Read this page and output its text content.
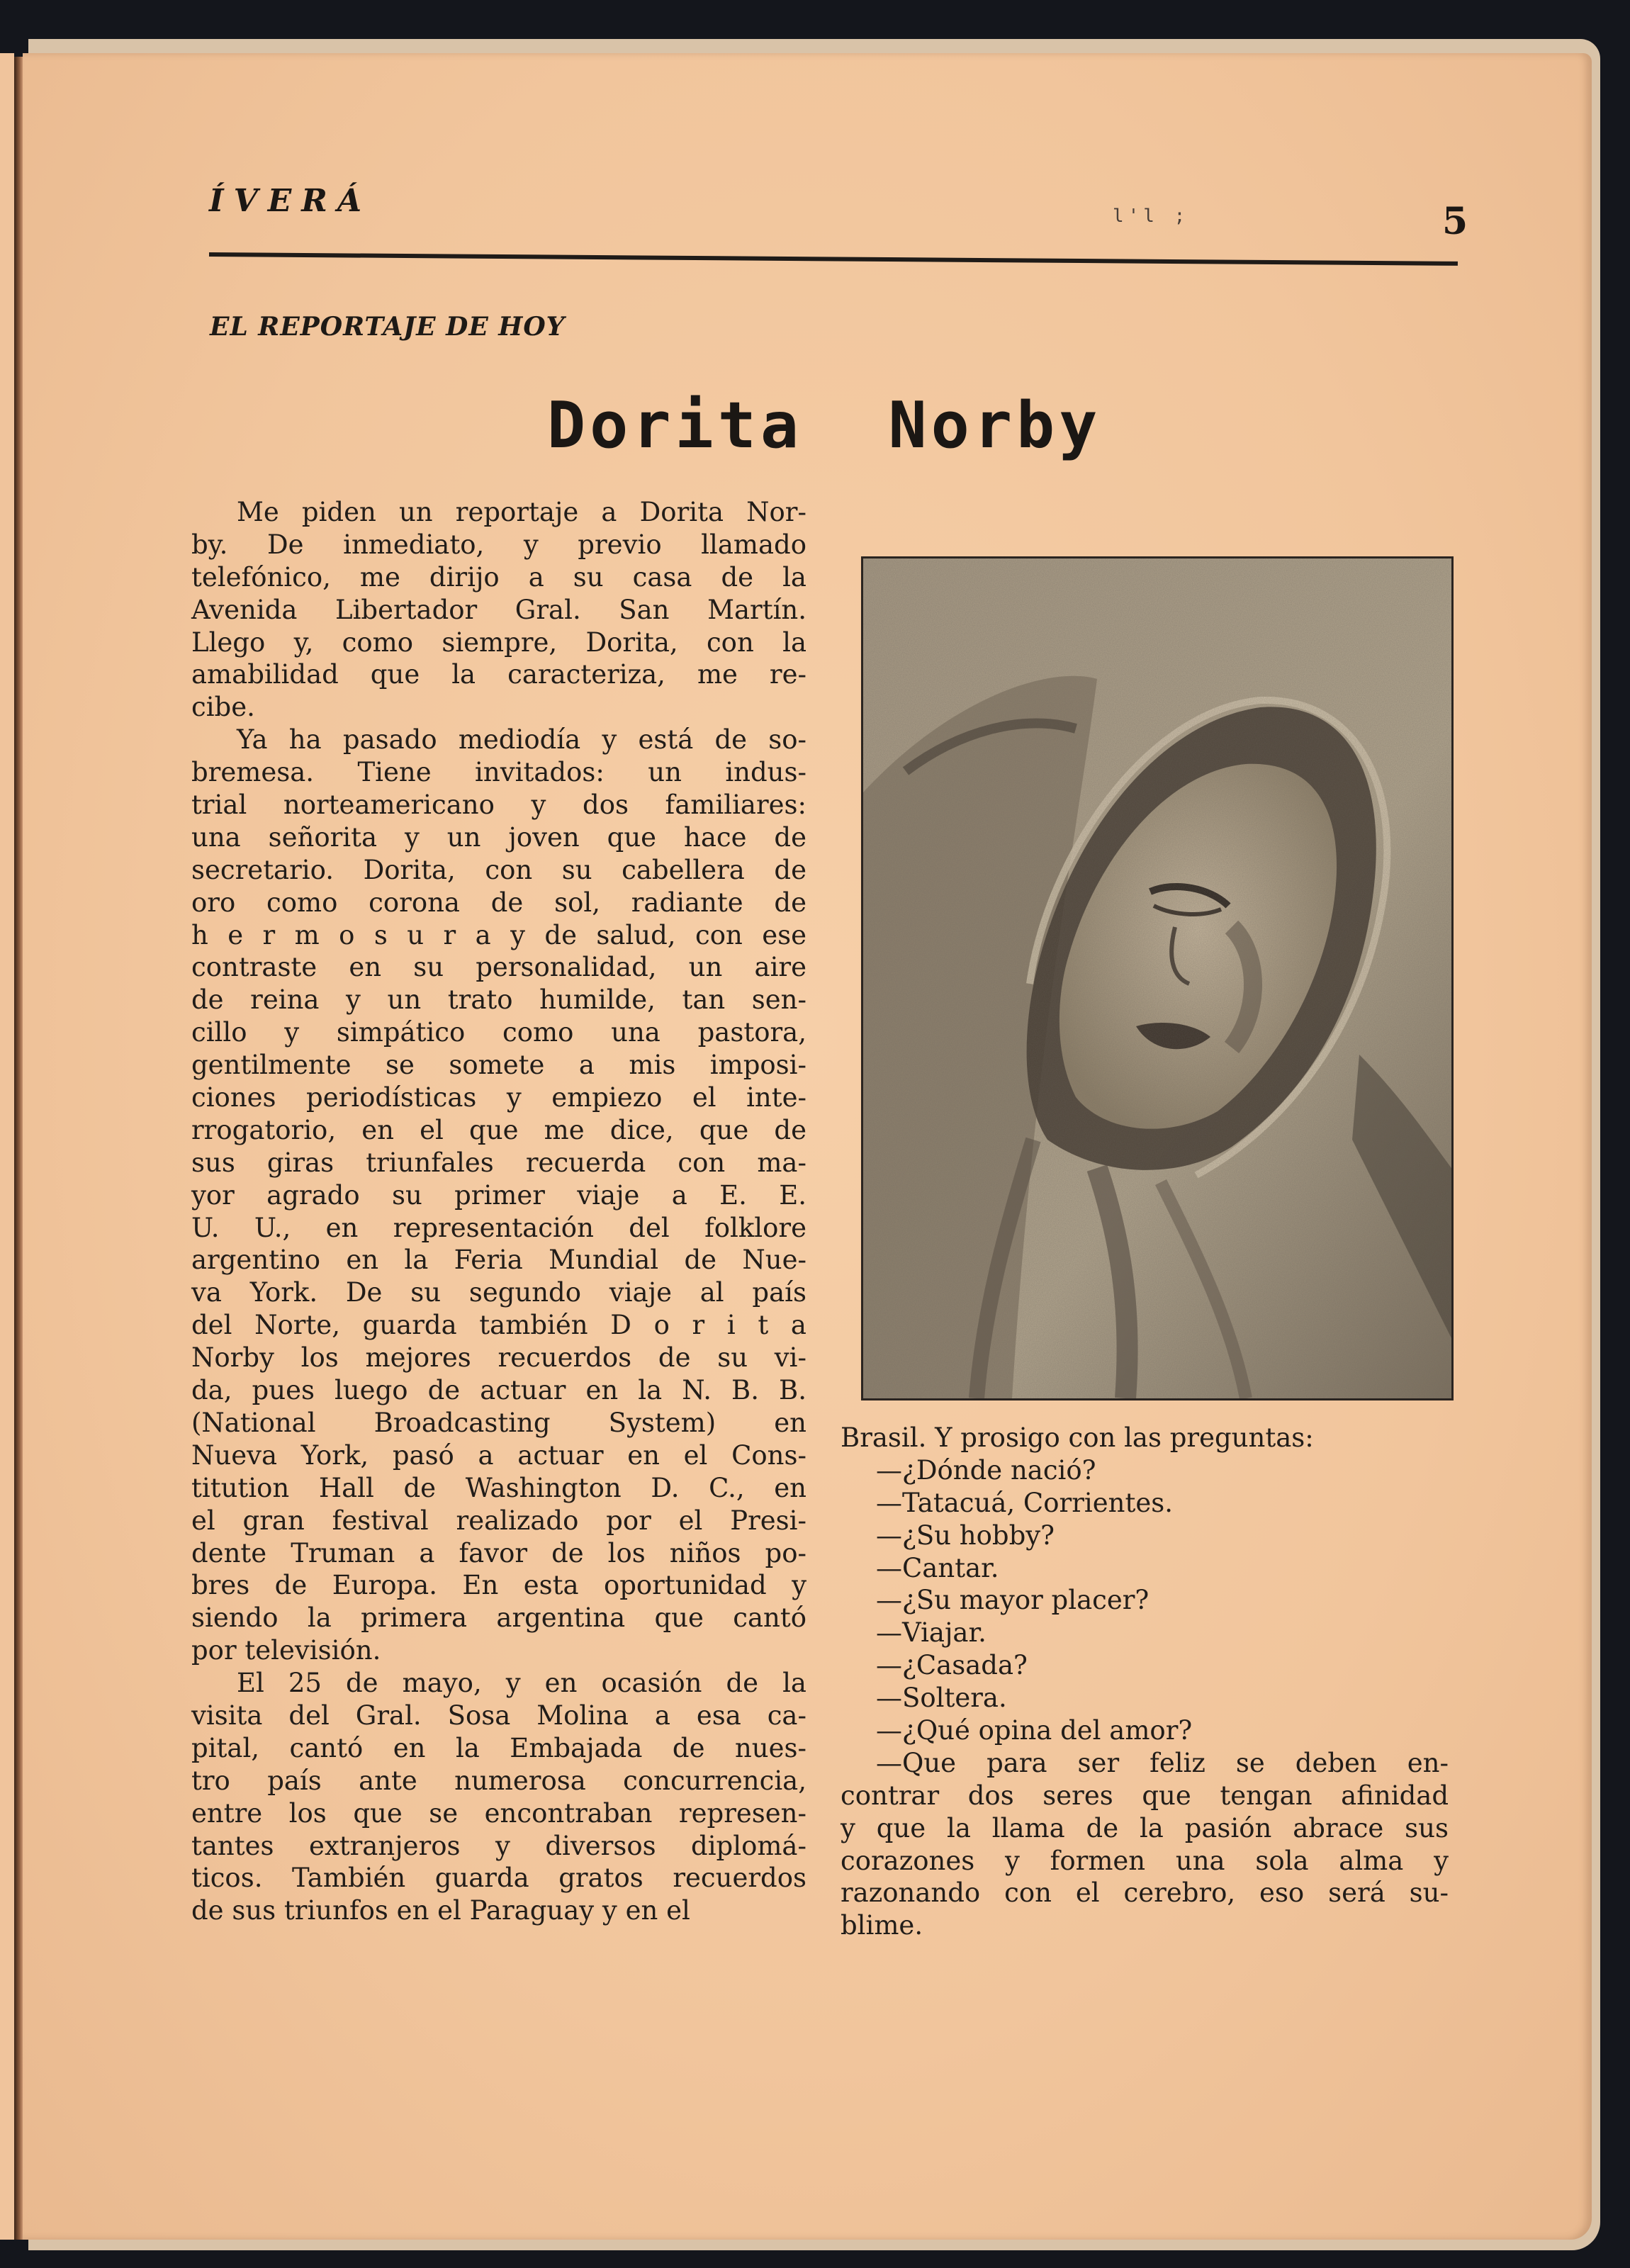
ÍVERÁ	l'l ;	5
EL REPORTAJE DE HOY
Dorita  Norby
Me piden un reportaje a Dorita Nor-
by. De inmediato, y previo llamado
telefónico, me dirijo a su casa de la
Avenida Libertador Gral. San Martín.
Llego y, como siempre, Dorita, con la
amabilidad que la caracteriza, me re-
cibe.
Ya ha pasado mediodía y está de so-
bremesa. Tiene invitados: un indus-
trial norteamericano y dos familiares:
una señorita y un joven que hace de
secretario. Dorita, con su cabellera de
oro como corona de sol, radiante de
h e r m o s u r a y de salud, con ese
contraste en su personalidad, un aire
de reina y un trato humilde, tan sen-
cillo y simpático como una pastora,
gentilmente se somete a mis imposi-
ciones periodísticas y empiezo el inte-
rrogatorio, en el que me dice, que de
sus giras triunfales recuerda con ma-
yor agrado su primer viaje a E. E.
U. U., en representación del folklore
argentino en la Feria Mundial de Nue-
va York. De su segundo viaje al país
del Norte, guarda también D o r i t a
Norby los mejores recuerdos de su vi-
da, pues luego de actuar en la N. B. B.
(National Broadcasting System) en
Nueva York, pasó a actuar en el Cons-
titution Hall de Washington D. C., en
el gran festival realizado por el Presi-
dente Truman a favor de los niños po-
bres de Europa. En esta oportunidad y
siendo la primera argentina que cantó
por televisión.
El 25 de mayo, y en ocasión de la
visita del Gral. Sosa Molina a esa ca-
pital, cantó en la Embajada de nues-
tro país ante numerosa concurrencia,
entre los que se encontraban represen-
tantes extranjeros y diversos diplomá-
ticos. También guarda gratos recuerdos
de sus triunfos en el Paraguay y en el
Brasil. Y prosigo con las preguntas:
—¿Dónde nació?
—Tatacuá, Corrientes.
—¿Su hobby?
—Cantar.
—¿Su mayor placer?
—Viajar.
—¿Casada?
—Soltera.
—¿Qué opina del amor?
—Que para ser feliz se deben en-
contrar dos seres que tengan afinidad
y que la llama de la pasión abrace sus
corazones y formen una sola alma y
razonando con el cerebro, eso será su-
blime.
